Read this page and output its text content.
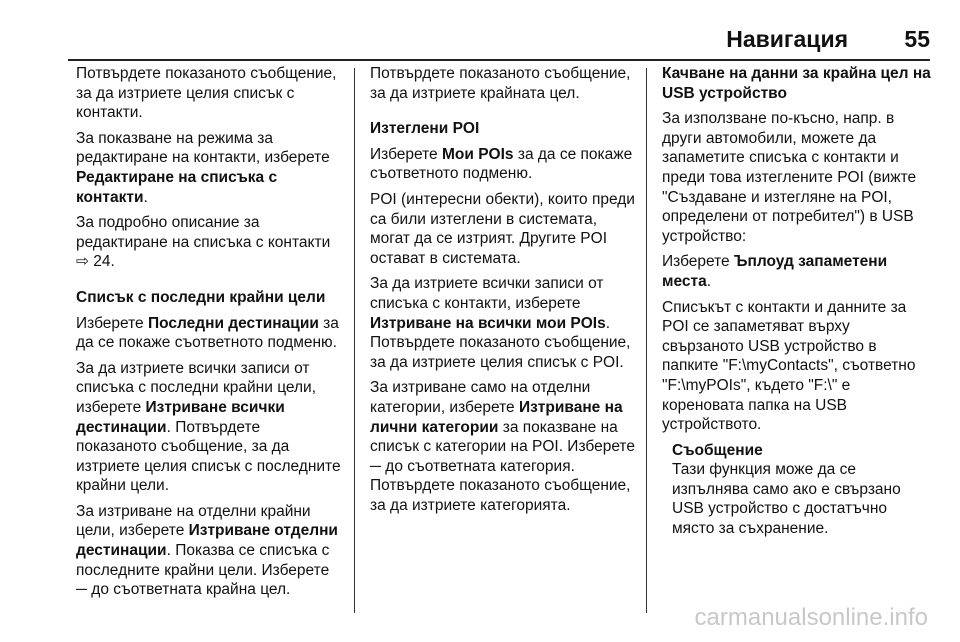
Навигация 55

Потвърдете показаното съобщение, за да изтриете целия списък с контакти.

За показване на режима за редактиране на контакти, изберете Редактиране на списъка с контакти.

За подробно описание за редактиране на списъка с контакти ⇨ 24.

Списък с последни крайни цели

Изберете Последни дестинации за да се покаже съответното подменю.

За да изтриете всички записи от списъка с последни крайни цели, изберете Изтриване всички дестинации. Потвърдете показаното съобщение, за да изтриете целия списък с последните крайни цели.

За изтриване на отделни крайни цели, изберете Изтриване отделни дестинации. Показва се списъка с последните крайни цели. Изберете ─ до съответната крайна цел.

Потвърдете показаното съобщение, за да изтриете крайната цел.

Изтеглени POI

Изберете Мои POIs за да се покаже съответното подменю.

POI (интересни обекти), които преди са били изтеглени в системата, могат да се изтрият. Другите POI остават в системата.

За да изтриете всички записи от списъка с контакти, изберете Изтриване на всички мои POIs. Потвърдете показаното съобщение, за да изтриете целия списък с POI.

За изтриване само на отделни категории, изберете Изтриване на лични категории за показване на списък с категории на POI. Изберете ─ до съответната категория. Потвърдете показаното съобщение, за да изтриете категорията.

Качване на данни за крайна цел на USB устройство

За използване по-късно, напр. в други автомобили, можете да запаметите списъка с контакти и преди това изтеглените POI (вижте "Създаване и изтегляне на POI, определени от потребител") в USB устройство:

Изберете Ъплоуд запаметени места.

Списъкът с контакти и данните за POI се запаметяват върху свързаното USB устройство в папките "F:\myContacts", съответно "F:\myPOIs", където "F:\" е кореновата папка на USB устройството.

Съобщение

Тази функция може да се изпълнява само ако е свързано USB устройство с достатъчно място за съхранение.

carmanualsonline.info
